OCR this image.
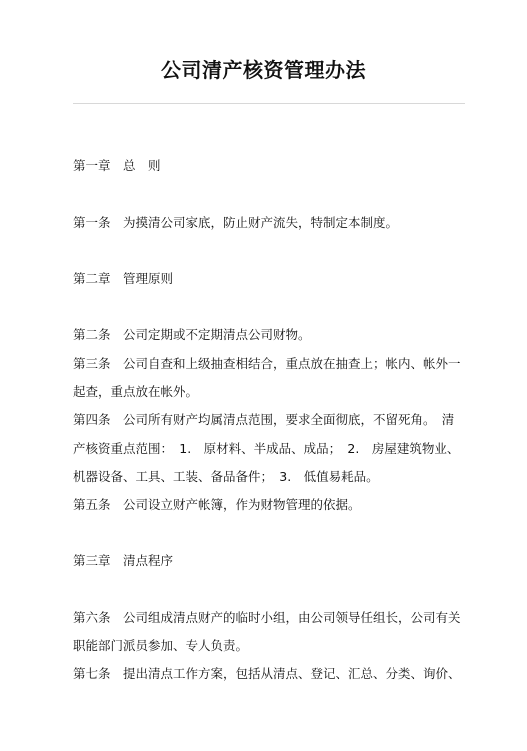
公司清产核资管理办法
第一章　总　则
第一条　为摸清公司家底，防止财产流失，特制定本制度。
第二章　管理原则
第二条　公司定期或不定期清点公司财物。
第三条　公司自查和上级抽查相结合，重点放在抽查上；帐内、帐外一
起查，重点放在帐外。
第四条　公司所有财产均属清点范围，要求全面彻底，不留死角。　清
产核资重点范围：　1.　原材料、半成品、成品；　2.　房屋建筑物业、
机器设备、工具、工装、备品备件；　3.　低值易耗品。
第五条　公司设立财产帐簿，作为财物管理的依据。
第三章　清点程序
第六条　公司组成清点财产的临时小组，由公司领导任组长，公司有关
职能部门派员参加、专人负责。
第七条　提出清点工作方案，包括从清点、登记、汇总、分类、询价、
